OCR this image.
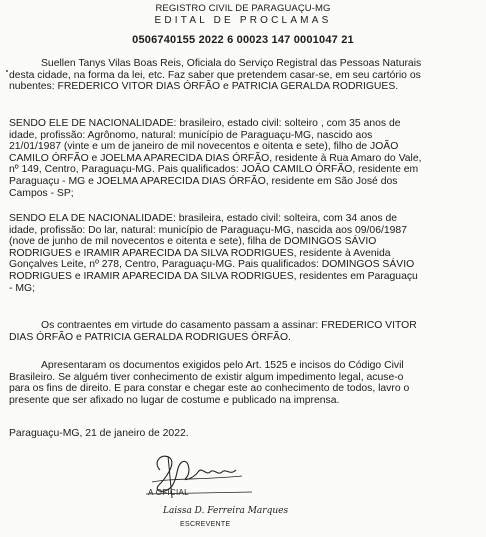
REGISTRO CIVIL DE PARAGUAÇU-MG
EDITAL DE PROCLAMAS
0506740155 2022 6 00023 147 0001047 21
Suellen Tanys Vilas Boas Reis, Oficiala do Serviço Registral das Pessoas Naturais
desta cidade, na forma da lei, etc. Faz saber que pretendem casar-se, em seu cartório os
nubentes: FREDERICO VITOR DIAS ÓRFÃO e PATRICIA GERALDA RODRIGUES.
SENDO ELE DE NACIONALIDADE: brasileiro, estado civil: solteiro , com 35 anos de
idade, profissão: Agrônomo, natural: município de Paraguaçu-MG, nascido aos
21/01/1987 (vinte e um de janeiro de mil novecentos e oitenta e sete), filho de JOÃO
CAMILO ÓRFÃO e JOELMA APARECIDA DIAS ÓRFÃO, residente à Rua Amaro do Vale,
nº 149, Centro, Paraguaçu-MG. Pais qualificados: JOÃO CAMILO ÓRFÃO, residente em
Paraguaçu - MG e JOELMA APARECIDA DIAS ÓRFÃO, residente em São José dos
Campos - SP;
SENDO ELA DE NACIONALIDADE: brasileira, estado civil: solteira, com 34 anos de
idade, profissão: Do lar, natural: município de Paraguaçu-MG, nascida aos 09/06/1987
(nove de junho de mil novecentos e oitenta e sete), filha de DOMINGOS SÁVIO
RODRIGUES e IRAMIR APARECIDA DA SILVA RODRIGUES, residente à Avenida
Gonçalves Leite, nº 278, Centro, Paraguaçu-MG. Pais qualificados: DOMINGOS SÁVIO
RODRIGUES e IRAMIR APARECIDA DA SILVA RODRIGUES, residentes em Paraguaçu
- MG;
Os contraentes em virtude do casamento passam a assinar: FREDERICO VITOR
DIAS ÓRFÃO e PATRICIA GERALDA RODRIGUES ÓRFÃO.
Apresentaram os documentos exigidos pelo Art. 1525 e incisos do Código Civil
Brasileiro. Se alguém tiver conhecimento de existir algum impedimento legal, acuse-o
para os fins de direito. E para constar e chegar este ao conhecimento de todos, lavro o
presente que ser afixado no lugar de costume e publicado na imprensa.
Paraguaçu-MG, 21 de janeiro de 2022.
A OFICIAL
Laissa D. Ferreira Marques
ESCREVENTE
